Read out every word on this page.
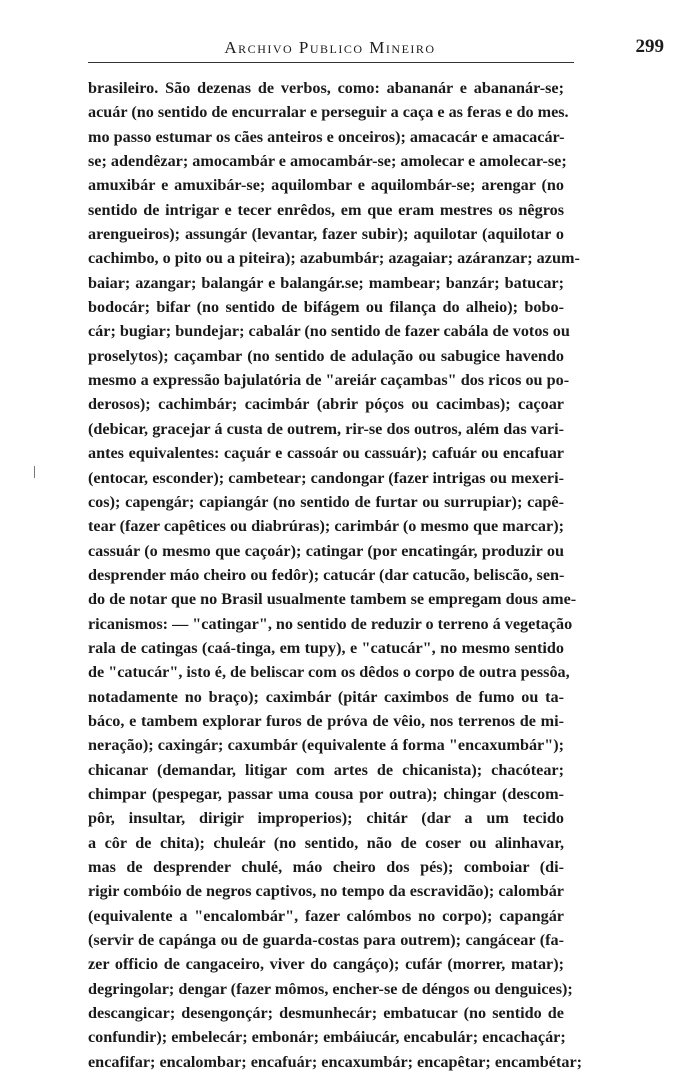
Archivo Publico Mineiro	299
brasileiro. São dezenas de verbos, como: abananár e abananár-se;
acuár (no sentido de encurralar e perseguir a caça e as feras e do mes.
mo passo estumar os cães anteiros e onceiros); amacacár e amacacár-
se; adendêzar; amocambár e amocambár-se; amolecar e amolecar-se;
amuxibár e amuxibár-se; aquilombar e aquilombár-se; arengar (no
sentido de intrigar e tecer enrêdos, em que eram mestres os nêgros
arengueiros); assungár (levantar, fazer subir); aquilotar (aquilotar o
cachimbo, o pito ou a piteira); azabumbár; azagaiar; azáranzar; azum-
baiar; azangar; balangár e balangár.se; mambear; banzár; batucar;
bodocár; bifar (no sentido de bifágem ou filança do alheio); bobo-
cár; bugiar; bundejar; cabalár (no sentido de fazer cabála de votos ou
proselytos); caçambar (no sentido de adulação ou sabugice havendo
mesmo a expressão bajulatória de "areiár caçambas" dos ricos ou po-
derosos); cachimbár; cacimbár (abrir póços ou cacimbas); caçoar
(debicar, gracejar á custa de outrem, rir-se dos outros, além das vari-
antes equivalentes: caçuár e cassoár ou cassuár); cafuár ou encafuar
(entocar, esconder); cambetear; candongar (fazer intrigas ou mexeri-
cos); capengár; capiangár (no sentido de furtar ou surrupiar); capê-
tear (fazer capêtices ou diabrúras); carimbár (o mesmo que marcar);
cassuár (o mesmo que caçoár); catingar (por encatingár, produzir ou
desprender máo cheiro ou fedôr); catucár (dar catucão, beliscão, sen-
do de notar que no Brasil usualmente tambem se empregam dous ame-
ricanismos: — "catingar", no sentido de reduzir o terreno á vegetação
rala de catingas (caá-tinga, em tupy), e "catucár", no mesmo sentido
de "catucár", isto é, de beliscar com os dêdos o corpo de outra pessôa,
notadamente no braço); caximbár (pitár caximbos de fumo ou ta-
báco, e tambem explorar furos de próva de vêio, nos terrenos de mi-
neração); caxingár; caxumbár (equivalente á forma "encaxumbár");
chicanar (demandar, litigar com artes de chicanista); chacótear;
chimpar (pespegar, passar uma cousa por outra); chingar (descom-
pôr, insultar, dirigir improperios); chitár (dar a um tecido
a côr de chita); chuleár (no sentido, não de coser ou alinhavar,
mas de desprender chulé, máo cheiro dos pés); comboiar (di-
rigir combóio de negros captivos, no tempo da escravidão); calombár
(equivalente a "encalombár", fazer calómbos no corpo); capangár
(servir de capánga ou de guarda-costas para outrem); cangácear (fa-
zer officio de cangaceiro, viver do cangáço); cufár (morrer, matar);
degringolar; dengar (fazer mômos, encher-se de déngos ou denguices);
descangicar; desengonçár; desmunhecár; embatucar (no sentido de
confundir); embelecár; embonár; embáiucár, encabulár; encachaçár;
encafifar; encalombar; encafuár; encaxumbár; encapêtar; encambétar;
